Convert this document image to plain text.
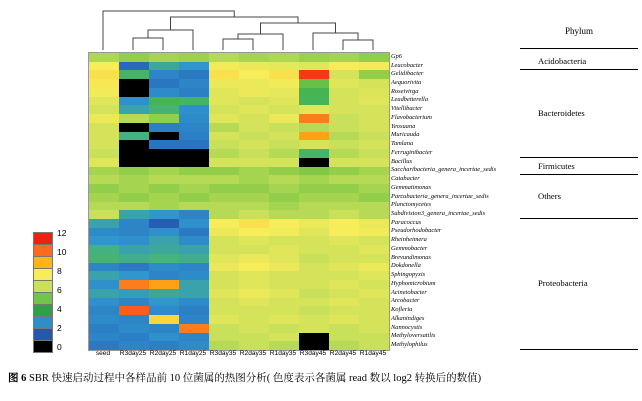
Gp6
Leucobacter
Gelidibacter
Aequorivita
Roseivirga
Leadbetterella
Vitellibacter
Flavobacterium
Yeosuana
Muricauda
Tamlana
Ferruginibacter
Bacillus
Saccharibacteria_genera_incertae_sedis
Catabacter
Gemmatimonas
Parcubacteria_genera_incertae_sedis
Planctomycetes
Subdivision3_genera_incertae_sedis
Paracoccus
Pseudorhodobacter
Rheinheimera
Gemmobacter
Brevundimonas
Dokdonella
Sphingopyxis
Hyphomicrobium
Acinetobacter
Arcobacter
Kofleria
Alkanindiges
Nannocystis
Methyloversatilis
Methylophilus
seed	R3day25 R2day25 R1day25 R3day35 R2day35 R1day35 R3day45 R2day45 R1day45
Phylum
Acidobacteria
Bacteroidetes
Firmicutes
Others
Proteobacteria
12
10
8
6
4
2
0
图 6 SBR 快速启动过程中各样品前 10 位菌属的热图分析( 色度表示各菌属 read 数以 log2 转换后的数值)
